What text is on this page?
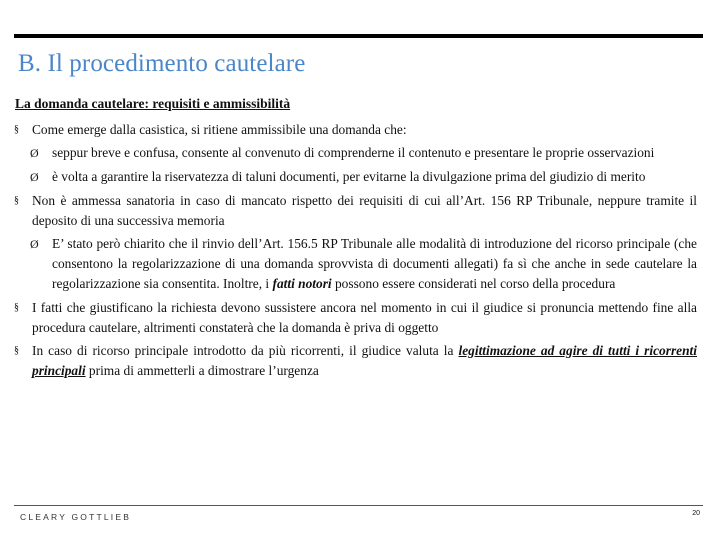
B. Il procedimento cautelare

La domanda cautelare: requisiti e ammissibilità

§ Come emerge dalla casistica, si ritiene ammissibile una domanda che:
Ø seppur breve e confusa, consente al convenuto di comprenderne il contenuto e presentare le proprie osservazioni
Ø è volta a garantire la riservatezza di taluni documenti, per evitarne la divulgazione prima del giudizio di merito
§ Non è ammessa sanatoria in caso di mancato rispetto dei requisiti di cui all’Art. 156 RP Tribunale, neppure tramite il deposito di una successiva memoria
Ø E’ stato però chiarito che il rinvio dell’Art. 156.5 RP Tribunale alle modalità di introduzione del ricorso principale (che consentono la regolarizzazione di una domanda sprovvista di documenti allegati) fa sì che anche in sede cautelare la regolarizzazione sia consentita. Inoltre, i fatti notori possono essere considerati nel corso della procedura
§ I fatti che giustificano la richiesta devono sussistere ancora nel momento in cui il giudice si pronuncia mettendo fine alla procedura cautelare, altrimenti constaterà che la domanda è priva di oggetto
§ In caso di ricorso principale introdotto da più ricorrenti, il giudice valuta la legittimazione ad agire di tutti i ricorrenti principali prima di ammetterli a dimostrare l’urgenza
CLEARY GOTTLIEB	20
